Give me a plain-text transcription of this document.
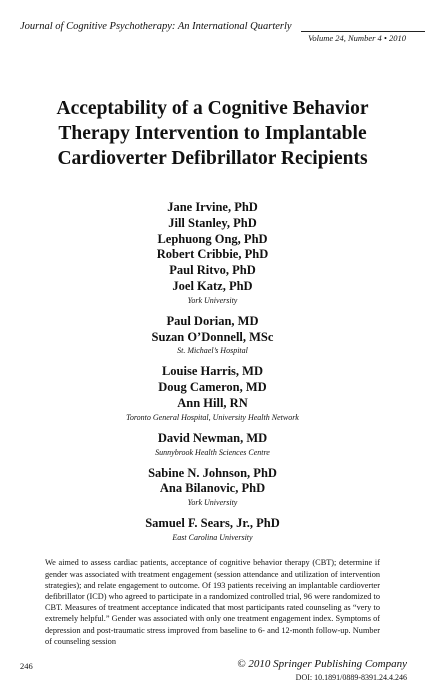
Journal of Cognitive Psychotherapy: An International Quarterly
Volume 24, Number 4 • 2010
Acceptability of a Cognitive Behavior
Therapy Intervention to Implantable
Cardioverter Defibrillator Recipients
Jane Irvine, PhD
Jill Stanley, PhD
Lephuong Ong, PhD
Robert Cribbie, PhD
Paul Ritvo, PhD
Joel Katz, PhD
York University
Paul Dorian, MD
Suzan O’Donnell, MSc
St. Michael’s Hospital
Louise Harris, MD
Doug Cameron, MD
Ann Hill, RN
Toronto General Hospital, University Health Network
David Newman, MD
Sunnybrook Health Sciences Centre
Sabine N. Johnson, PhD
Ana Bilanovic, PhD
York University
Samuel F. Sears, Jr., PhD
East Carolina University

We aimed to assess cardiac patients, acceptance of cognitive behavior therapy (CBT); determine if gender was associated with treatment engagement (session attendance and utilization of intervention strategies); and relate engagement to outcome. Of 193 patients receiving an implantable cardioverter defibrillator (ICD) who agreed to participate in a randomized controlled trial, 96 were randomized to CBT. Measures of treatment acceptance indicated that most participants rated counseling as “very to extremely helpful.” Gender was associated with only one treatment engagement index. Symptoms of depression and post-traumatic stress improved from baseline to 6- and 12-month follow-up. Number of counseling session

246	© 2010 Springer Publishing Company
DOI: 10.1891/0889-8391.24.4.246
